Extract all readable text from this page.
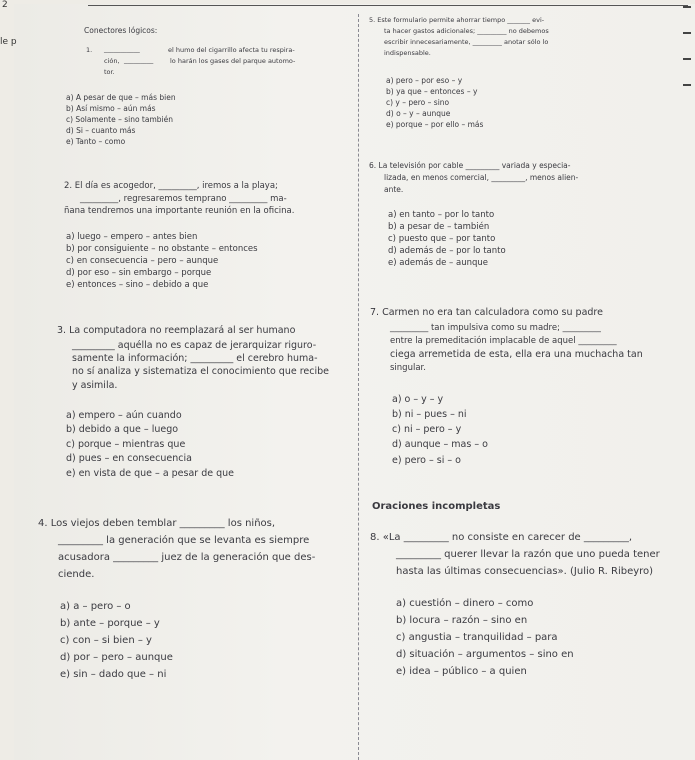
2
le p
Conectores lógicos:
1. ___________	el humo del cigarrillo afecta tu respira-
ción, _________	lo harán los gases del parque automo-
tor.
a) A pesar de que – más bien
b) Así mismo – aún más
c) Solamente – sino también
d) Si – cuanto más
e) Tanto – como
2. El día es acogedor, _________, iremos a la playa;
_________, regresaremos temprano _________ ma-
ñana tendremos una importante reunión en la oficina.
a) luego – empero – antes bien
b) por consiguiente – no obstante – entonces
c) en consecuencia – pero – aunque
d) por eso – sin embargo – porque
e) entonces – sino – debido a que
3. La computadora no reemplazará al ser humano
_________ aquélla no es capaz de jerarquizar riguro-
samente la información; _________ el cerebro huma-
no sí analiza y sistematiza el conocimiento que recibe
y asimila.
a) empero – aún cuando
b) debido a que – luego
c) porque – mientras que
d) pues – en consecuencia
e) en vista de que – a pesar de que
4. Los viejos deben temblar _________ los niños,
_________ la generación que se levanta es siempre
acusadora _________ juez de la generación que des-
ciende.
a) a – pero – o
b) ante – porque – y
c) con – si bien – y
d) por – pero – aunque
e) sin – dado que – ni
5. Este formulario permite ahorrar tiempo _______ evi-
ta hacer gastos adicionales; _________ no debemos
escribir innecesariamente, _________ anotar sólo lo
indispensable.
a) pero – por eso – y
b) ya que – entonces – y
c) y – pero – sino
d) o – y – aunque
e) porque – por ello – más
6. La televisión por cable _________ variada y especia-
lizada, en menos comercial, _________, menos alien-
ante.
a) en tanto – por lo tanto
b) a pesar de – también
c) puesto que – por tanto
d) además de – por lo tanto
e) además de – aunque
7. Carmen no era tan calculadora como su padre
_________ tan impulsiva como su madre; _________
entre la premeditación implacable de aquel _________
ciega arremetida de esta, ella era una muchacha tan
singular.
a) o – y – y
b) ni – pues – ni
c) ni – pero – y
d) aunque – mas – o
e) pero – si – o
Oraciones incompletas
8. «La _________ no consiste en carecer de _________,
_________ querer llevar la razón que uno pueda tener
hasta las últimas consecuencias». (Julio R. Ribeyro)
a) cuestión – dinero – como
b) locura – razón – sino en
c) angustia – tranquilidad – para
d) situación – argumentos – sino en
e) idea – público – a quien
